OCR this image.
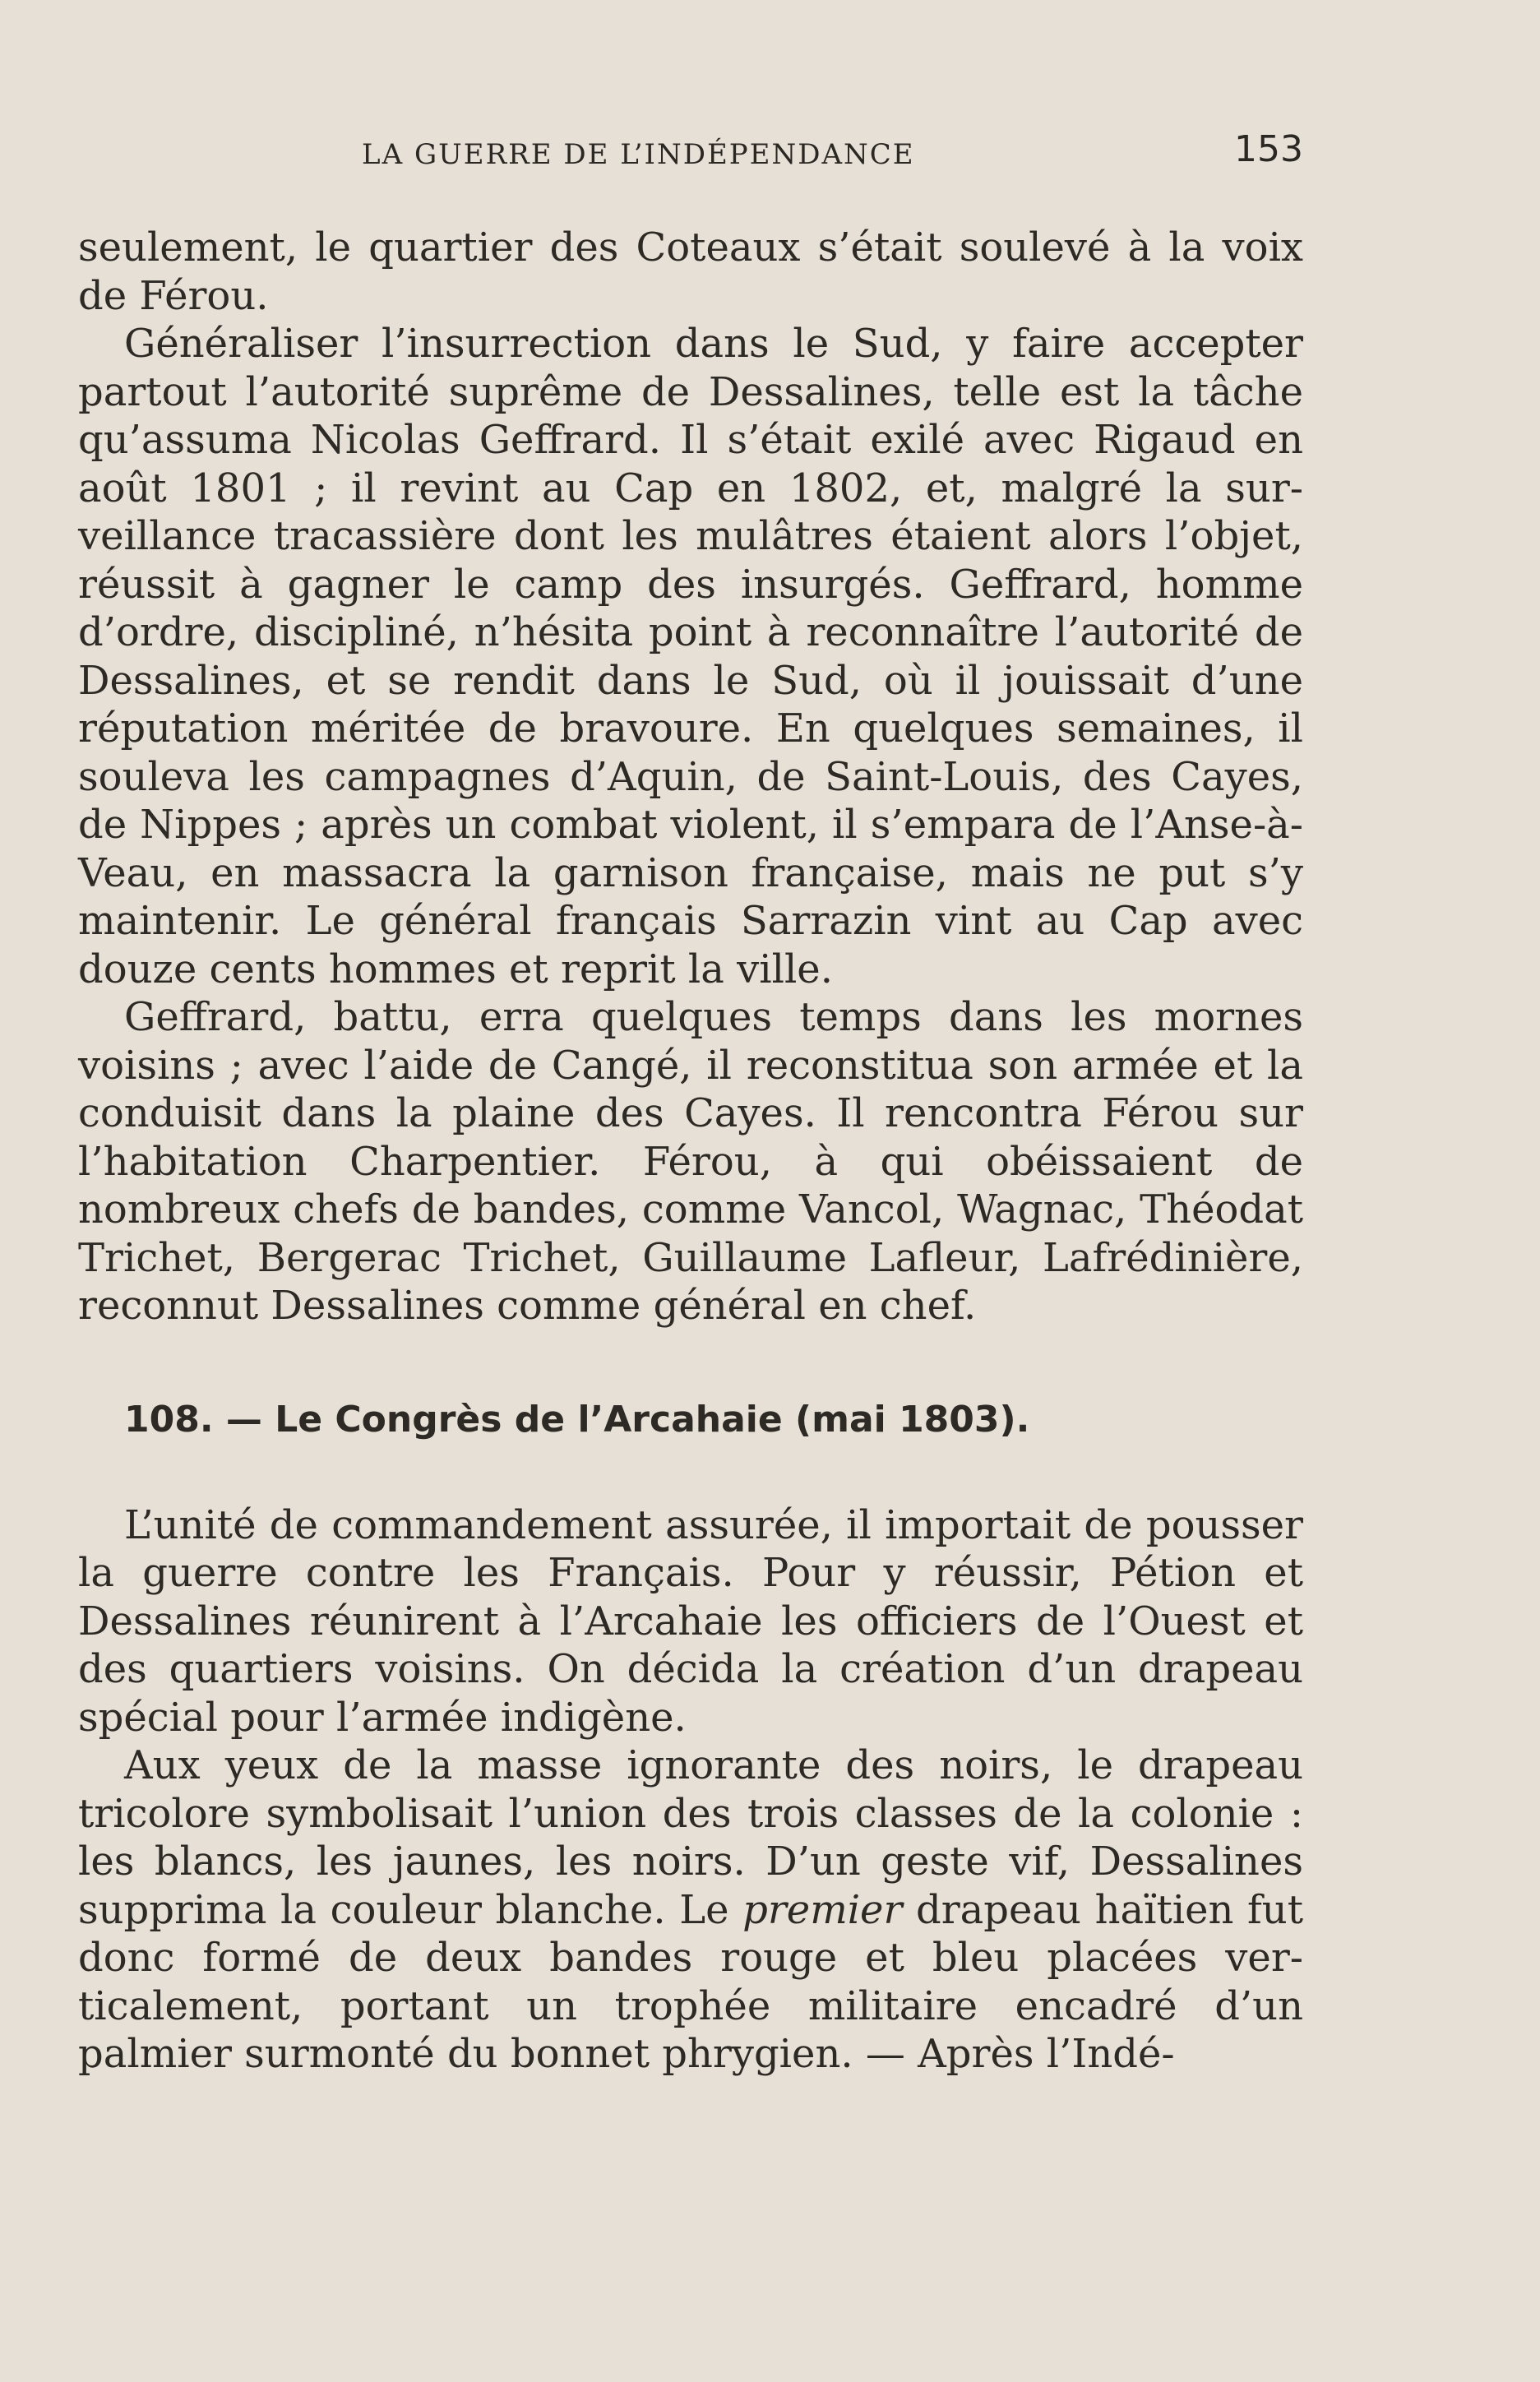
LA GUERRE DE L’INDÉPENDANCE	153

seulement, le quartier des Coteaux s’était soulevé à la voix de Férou.

Généraliser l’insurrection dans le Sud, y faire accepter partout l’autorité suprême de Dessalines, telle est la tâche qu’assuma Nicolas Geffrard. Il s’était exilé avec Rigaud en août 1801 ; il revint au Cap en 1802, et, malgré la surveillance tracassière dont les mulâtres étaient alors l’objet, réussit à gagner le camp des insurgés. Geffrard, homme d’ordre, discipliné, n’hésita point à reconnaître l’autorité de Dessalines, et se rendit dans le Sud, où il jouissait d’une réputation méritée de bravoure. En quelques semaines, il souleva les campagnes d’Aquin, de Saint-Louis, des Cayes, de Nippes ; après un combat violent, il s’empara de l’Anse-à-Veau, en massacra la garnison française, mais ne put s’y maintenir. Le général français Sarrazin vint au Cap avec douze cents hommes et reprit la ville.

Geffrard, battu, erra quelques temps dans les mornes voisins ; avec l’aide de Cangé, il reconstitua son armée et la conduisit dans la plaine des Cayes. Il rencontra Férou sur l’habitation Charpentier. Férou, à qui obéissaient de nombreux chefs de bandes, comme Vancol, Wagnac, Théodat Trichet, Bergerac Trichet, Guillaume Lafleur, Lafrédinière, reconnut Dessalines comme général en chef.

108. — Le Congrès de l’Arcahaie (mai 1803).

L’unité de commandement assurée, il importait de pousser la guerre contre les Français. Pour y réussir, Pétion et Dessalines réunirent à l’Arcahaie les officiers de l’Ouest et des quartiers voisins. On décida la création d’un drapeau spécial pour l’armée indigène.

Aux yeux de la masse ignorante des noirs, le drapeau tricolore symbolisait l’union des trois classes de la colonie : les blancs, les jaunes, les noirs. D’un geste vif, Dessalines supprima la couleur blanche. Le premier drapeau haïtien fut donc formé de deux bandes rouge et bleu placées verticalement, portant un trophée militaire encadré d’un palmier surmonté du bonnet phrygien. — Après l’Indé-
